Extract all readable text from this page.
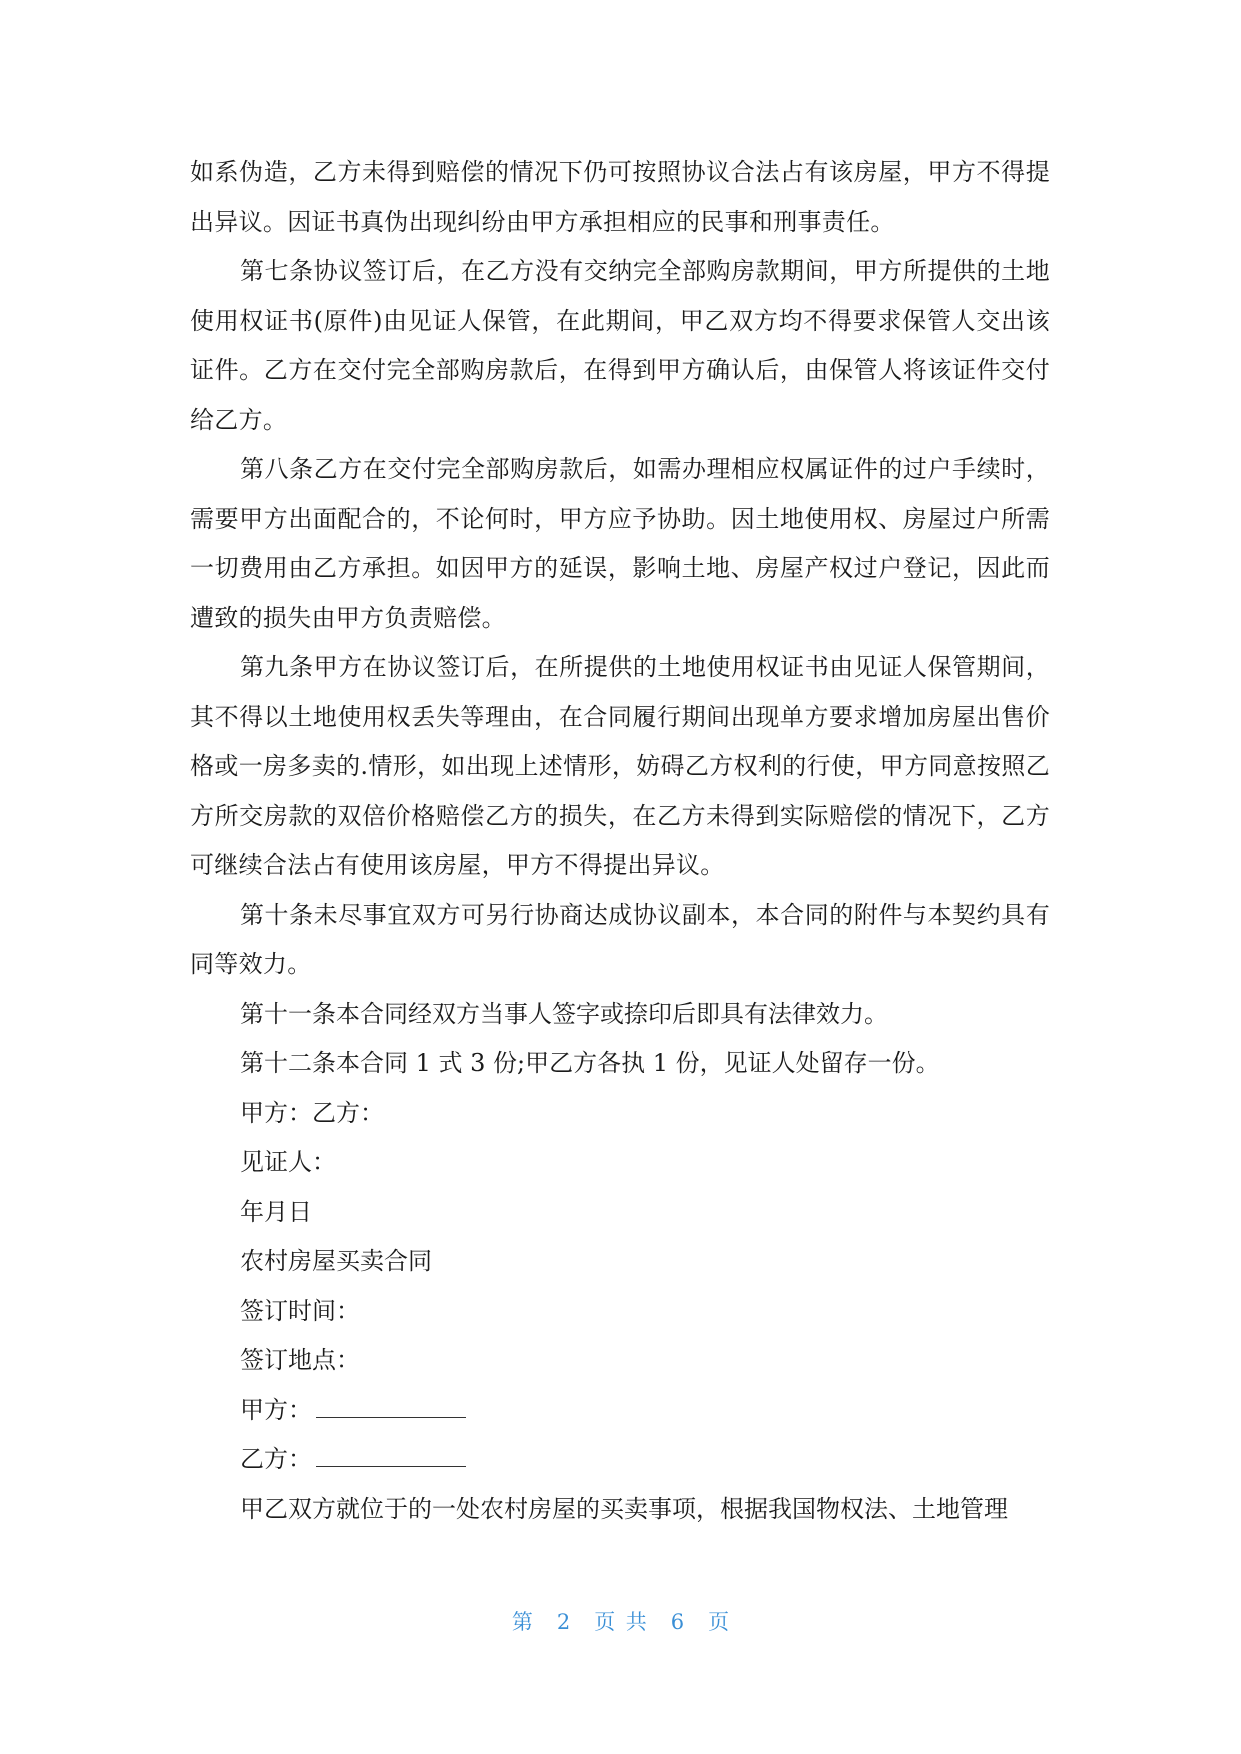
如系伪造，乙方未得到赔偿的情况下仍可按照协议合法占有该房屋，甲方不得提出异议。因证书真伪出现纠纷由甲方承担相应的民事和刑事责任。

第七条协议签订后，在乙方没有交纳完全部购房款期间，甲方所提供的土地使用权证书(原件)由见证人保管，在此期间，甲乙双方均不得要求保管人交出该证件。乙方在交付完全部购房款后，在得到甲方确认后，由保管人将该证件交付给乙方。

第八条乙方在交付完全部购房款后，如需办理相应权属证件的过户手续时，需要甲方出面配合的，不论何时，甲方应予协助。因土地使用权、房屋过户所需一切费用由乙方承担。如因甲方的延误，影响土地、房屋产权过户登记，因此而遭致的损失由甲方负责赔偿。

第九条甲方在协议签订后，在所提供的土地使用权证书由见证人保管期间，其不得以土地使用权丢失等理由，在合同履行期间出现单方要求增加房屋出售价格或一房多卖的.情形，如出现上述情形，妨碍乙方权利的行使，甲方同意按照乙方所交房款的双倍价格赔偿乙方的损失，在乙方未得到实际赔偿的情况下，乙方可继续合法占有使用该房屋，甲方不得提出异议。

第十条未尽事宜双方可另行协商达成协议副本，本合同的附件与本契约具有同等效力。

第十一条本合同经双方当事人签字或捺印后即具有法律效力。

第十二条本合同 1 式 3 份;甲乙方各执 1 份，见证人处留存一份。

甲方：乙方：

见证人：

年月日

农村房屋买卖合同

签订时间：

签订地点：

甲方：

乙方：

甲乙双方就位于的一处农村房屋的买卖事项，根据我国物权法、土地管理

第 2 页 共 6 页
